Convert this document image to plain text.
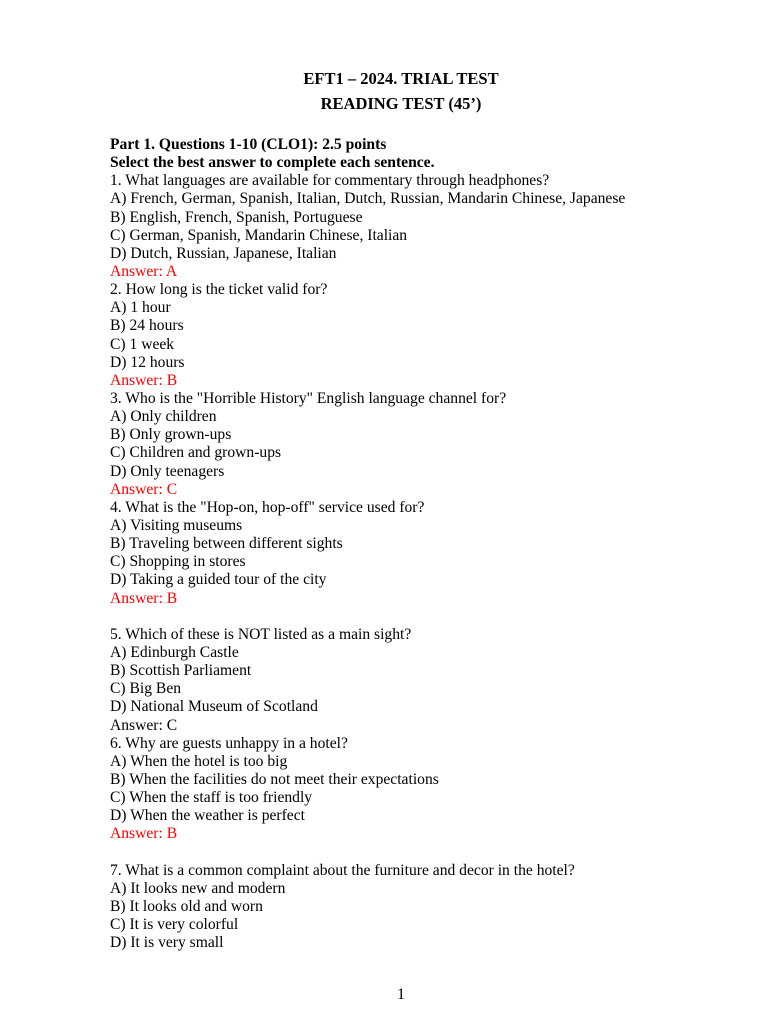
EFT1 – 2024. TRIAL TEST
READING TEST (45’)
Part 1. Questions 1-10 (CLO1): 2.5 points
Select the best answer to complete each sentence.
1. What languages are available for commentary through headphones?
A) French, German, Spanish, Italian, Dutch, Russian, Mandarin Chinese, Japanese
B) English, French, Spanish, Portuguese
C) German, Spanish, Mandarin Chinese, Italian
D) Dutch, Russian, Japanese, Italian
Answer: A
2. How long is the ticket valid for?
A) 1 hour
B) 24 hours
C) 1 week
D) 12 hours
Answer: B
3. Who is the "Horrible History" English language channel for?
A) Only children
B) Only grown-ups
C) Children and grown-ups
D) Only teenagers
Answer: C
4. What is the "Hop-on, hop-off" service used for?
A) Visiting museums
B) Traveling between different sights
C) Shopping in stores
D) Taking a guided tour of the city
Answer: B
5. Which of these is NOT listed as a main sight?
A) Edinburgh Castle
B) Scottish Parliament
C) Big Ben
D) National Museum of Scotland
Answer: C
6. Why are guests unhappy in a hotel?
A) When the hotel is too big
B) When the facilities do not meet their expectations
C) When the staff is too friendly
D) When the weather is perfect
Answer: B
7. What is a common complaint about the furniture and decor in the hotel?
A) It looks new and modern
B) It looks old and worn
C) It is very colorful
D) It is very small
1
